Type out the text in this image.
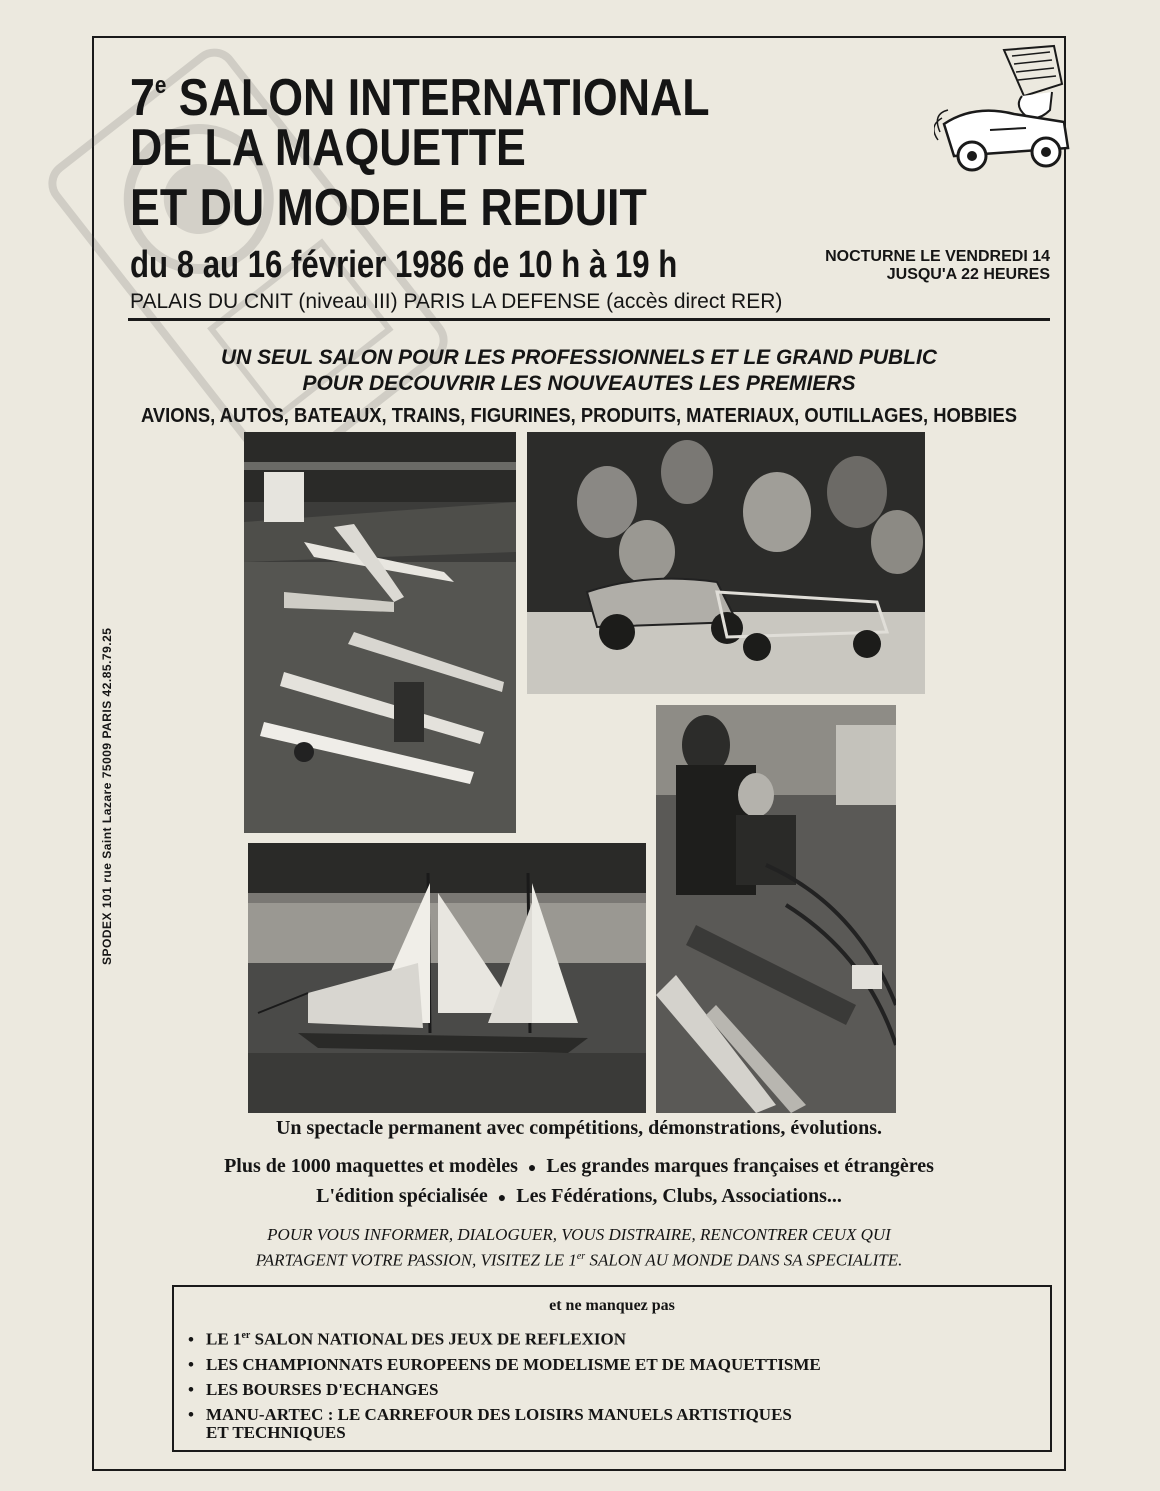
7e SALON INTERNATIONAL
DE LA MAQUETTE
ET DU MODELE REDUIT
du 8 au 16 février 1986 de 10 h à 19 h	NOCTURNE LE VENDREDI 14
JUSQU'A 22 HEURES
PALAIS DU CNIT (niveau III) PARIS LA DEFENSE (accès direct RER)
UN SEUL SALON POUR LES PROFESSIONNELS ET LE GRAND PUBLIC
POUR DECOUVRIR LES NOUVEAUTES LES PREMIERS
AVIONS, AUTOS, BATEAUX, TRAINS, FIGURINES, PRODUITS, MATERIAUX, OUTILLAGES, HOBBIES
SPODEX 101 rue Saint Lazare 75009 PARIS 42.85.79.25
Un spectacle permanent avec compétitions, démonstrations, évolutions.
Plus de 1000 maquettes et modèles ● Les grandes marques françaises et étrangères
L'édition spécialisée ● Les Fédérations, Clubs, Associations...
POUR VOUS INFORMER, DIALOGUER, VOUS DISTRAIRE, RENCONTRER CEUX QUI
PARTAGENT VOTRE PASSION, VISITEZ LE 1er SALON AU MONDE DANS SA SPECIALITE.
et ne manquez pas
• LE 1er SALON NATIONAL DES JEUX DE REFLEXION
• LES CHAMPIONNATS EUROPEENS DE MODELISME ET DE MAQUETTISME
• LES BOURSES D'ECHANGES
• MANU-ARTEC : LE CARREFOUR DES LOISIRS MANUELS ARTISTIQUES
ET TECHNIQUES
